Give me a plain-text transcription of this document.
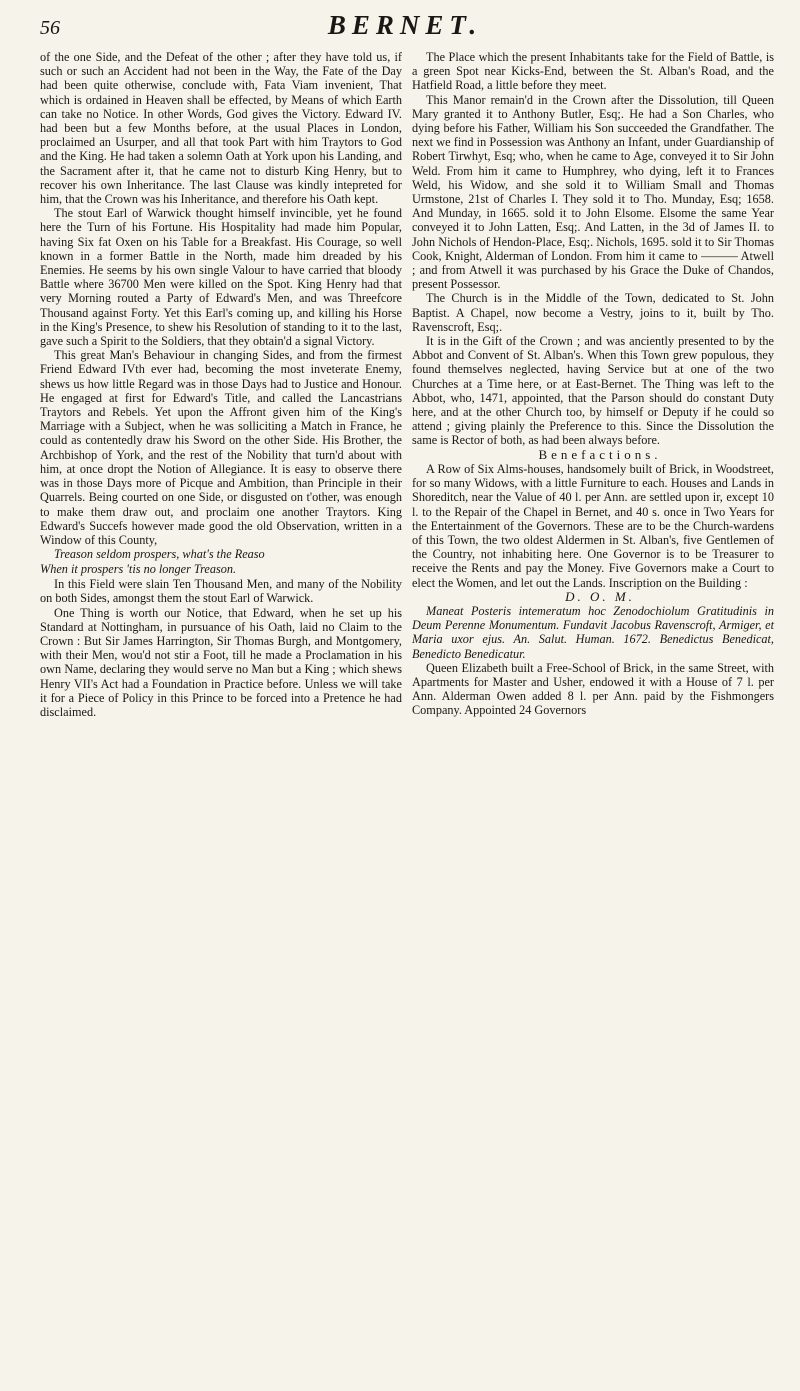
56	BERNET.

of the one Side, and the Defeat of the other ; after they have told us, if such or such an Accident had not been in the Way, the Fate of the Day had been quite otherwise, conclude with, Fata Viam invenient, That which is ordained in Heaven shall be effected, by Means of which Earth can take no Notice. In other Words, God gives the Victory. Edward IV. had been but a few Months before, at the usual Places in London, proclaimed an Usurper, and all that took Part with him Traytors to God and the King. He had taken a solemn Oath at York upon his Landing, and the Sacrament after it, that he came not to disturb King Henry, but to recover his own Inheritance. The last Clause was kindly intepreted for him, that the Crown was his Inheritance, and therefore his Oath kept.

The stout Earl of Warwick thought himself invincible, yet he found here the Turn of his Fortune. His Hospitality had made him Popular, having Six fat Oxen on his Table for a Breakfast. His Courage, so well known in a former Battle in the North, made him dreaded by his Enemies. He seems by his own single Valour to have carried that bloody Battle where 36700 Men were killed on the Spot. King Henry had that very Morning routed a Party of Edward's Men, and was Threefcore Thousand against Forty. Yet this Earl's coming up, and killing his Horse in the King's Presence, to shew his Resolution of standing to it to the last, gave such a Spirit to the Soldiers, that they obtain'd a signal Victory.

This great Man's Behaviour in changing Sides, and from the firmest Friend Edward IVth ever had, becoming the most inveterate Enemy, shews us how little Regard was in those Days had to Justice and Honour. He engaged at first for Edward's Title, and called the Lancastrians Traytors and Rebels. Yet upon the Affront given him of the King's Marriage with a Subject, when he was solliciting a Match in France, he could as contentedly draw his Sword on the other Side. His Brother, the Archbishop of York, and the rest of the Nobility that turn'd about with him, at once dropt the Notion of Allegiance. It is easy to observe there was in those Days more of Picque and Ambition, than Principle in their Quarrels. Being courted on one Side, or disgusted on t'other, was enough to make them draw out, and proclaim one another Traytors. King Edward's Succefs however made good the old Observation, written in a Window of this County,

Treason seldom prospers, what's the Reaso
When it prospers 'tis no longer Treason.

In this Field were slain Ten Thousand Men, and many of the Nobility on both Sides, amongst them the stout Earl of Warwick.

One Thing is worth our Notice, that Edward, when he set up his Standard at Nottingham, in pursuance of his Oath, laid no Claim to the Crown : But Sir James Harrington, Sir Thomas Burgh, and Montgomery, with their Men, wou'd not stir a Foot, till he made a Proclamation in his own Name, declaring they would serve no Man but a King ; which shews Henry VII's Act had a Foundation in Practice before. Unless we will take it for a Piece of Policy in this Prince to be forced into a Pretence he had disclaimed.

The Place which the present Inhabitants take for the Field of Battle, is a green Spot near Kicks-End, between the St. Alban's Road, and the Hatfield Road, a little before they meet.

This Manor remain'd in the Crown after the Dissolution, till Queen Mary granted it to Anthony Butler, Esq;. He had a Son Charles, who dying before his Father, William his Son succeeded the Grandfather. The next we find in Possession was Anthony an Infant, under Guardianship of Robert Tirwhyt, Esq; who, when he came to Age, conveyed it to Sir John Weld. From him it came to Humphrey, who dying, left it to Frances Weld, his Widow, and she sold it to William Small and Thomas Urmstone, 21st of Charles I. They sold it to Tho. Munday, Esq; 1658. And Munday, in 1665. sold it to John Elsome. Elsome the same Year conveyed it to John Latten, Esq;. And Latten, in the 3d of James II. to John Nichols of Hendon-Place, Esq;. Nichols, 1695. sold it to Sir Thomas Cook, Knight, Alderman of London. From him it came to ——— Atwell ; and from Atwell it was purchased by his Grace the Duke of Chandos, present Possessor.

The Church is in the Middle of the Town, dedicated to St. John Baptist. A Chapel, now become a Vestry, joins to it, built by Tho. Ravenscroft, Esq;.

It is in the Gift of the Crown ; and was anciently presented to by the Abbot and Convent of St. Alban's. When this Town grew populous, they found themselves neglected, having Service but at one of the two Churches at a Time here, or at East-Bernet. The Thing was left to the Abbot, who, 1471, appointed, that the Parson should do constant Duty here, and at the other Church too, by himself or Deputy if he could so attend ; giving plainly the Preference to this. Since the Dissolution the same is Rector of both, as had been always before.

Benefactions.

A Row of Six Alms-houses, handsomely built of Brick, in Woodstreet, for so many Widows, with a little Furniture to each. Houses and Lands in Shoreditch, near the Value of 40 l. per Ann. are settled upon ir, except 10 l. to the Repair of the Chapel in Bernet, and 40 s. once in Two Years for the Entertainment of the Governors. These are to be the Church-wardens of this Town, the two oldest Aldermen in St. Alban's, five Gentlemen of the Country, not inhabiting here. One Governor is to be Treasurer to receive the Rents and pay the Money. Five Governors make a Court to elect the Women, and let out the Lands. Inscription on the Building :

D. O. M.

Maneat Posteris intemeratum hoc Zenodochiolum Gratitudinis in Deum Perenne Monumentum. Fundavit Jacobus Ravenscroft, Armiger, et Maria uxor ejus. An. Salut. Human. 1672. Benedictus Benedicat, Benedicto Benedicatur.

Queen Elizabeth built a Free-School of Brick, in the same Street, with Apartments for Master and Usher, endowed it with a House of 7 l. per Ann. Alderman Owen added 8 l. per Ann. paid by the Fishmongers Company. Appointed 24 Governors
